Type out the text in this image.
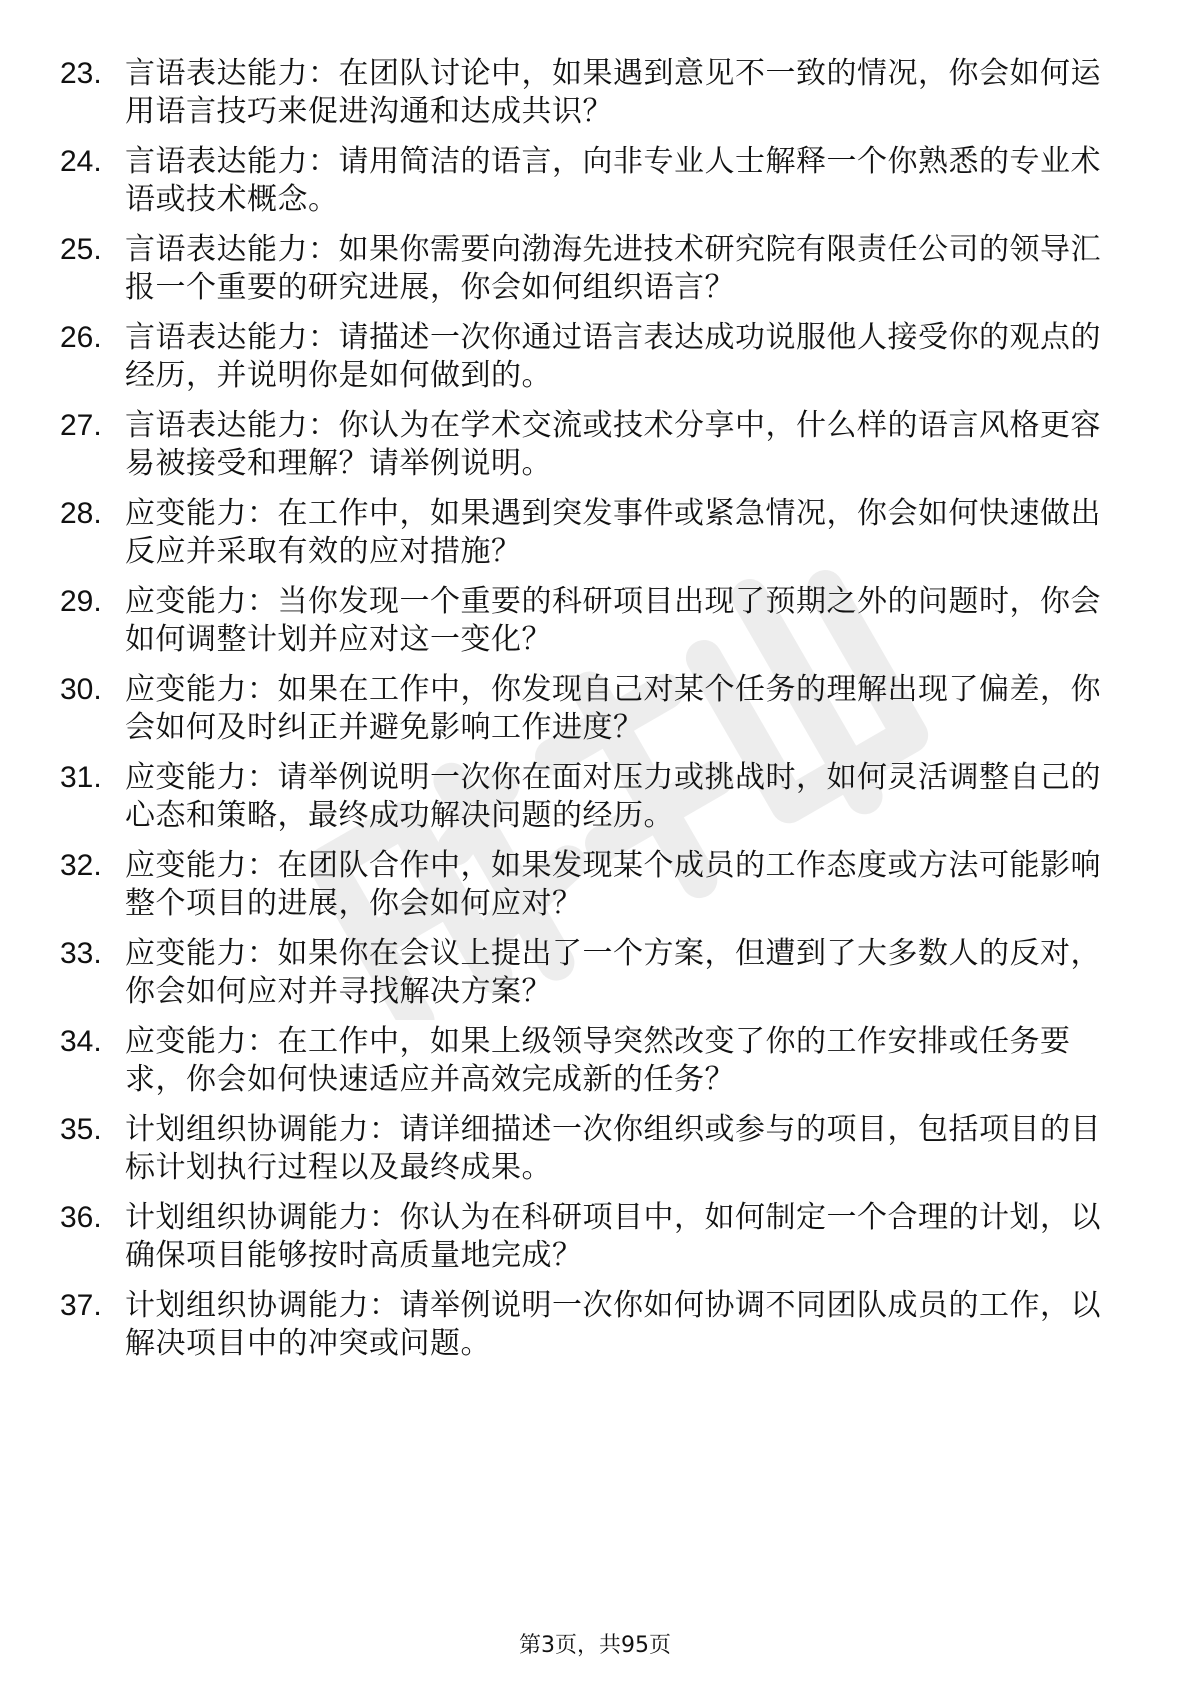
23. 言语表达能力：在团队讨论中，如果遇到意见不一致的情况，你会如何运用语言技巧来促进沟通和达成共识？
24. 言语表达能力：请用简洁的语言，向非专业人士解释一个你熟悉的专业术语或技术概念。
25. 言语表达能力：如果你需要向渤海先进技术研究院有限责任公司的领导汇报一个重要的研究进展，你会如何组织语言？
26. 言语表达能力：请描述一次你通过语言表达成功说服他人接受你的观点的经历，并说明你是如何做到的。
27. 言语表达能力：你认为在学术交流或技术分享中，什么样的语言风格更容易被接受和理解？请举例说明。
28. 应变能力：在工作中，如果遇到突发事件或紧急情况，你会如何快速做出反应并采取有效的应对措施？
29. 应变能力：当你发现一个重要的科研项目出现了预期之外的问题时，你会如何调整计划并应对这一变化？
30. 应变能力：如果在工作中，你发现自己对某个任务的理解出现了偏差，你会如何及时纠正并避免影响工作进度？
31. 应变能力：请举例说明一次你在面对压力或挑战时，如何灵活调整自己的心态和策略，最终成功解决问题的经历。
32. 应变能力：在团队合作中，如果发现某个成员的工作态度或方法可能影响整个项目的进展，你会如何应对？
33. 应变能力：如果你在会议上提出了一个方案，但遭到了大多数人的反对，你会如何应对并寻找解决方案？
34. 应变能力：在工作中，如果上级领导突然改变了你的工作安排或任务要求，你会如何快速适应并高效完成新的任务？
35. 计划组织协调能力：请详细描述一次你组织或参与的项目，包括项目的目标计划执行过程以及最终成果。
36. 计划组织协调能力：你认为在科研项目中，如何制定一个合理的计划，以确保项目能够按时高质量地完成？
37. 计划组织协调能力：请举例说明一次你如何协调不同团队成员的工作，以解决项目中的冲突或问题。
第3页，共95页
